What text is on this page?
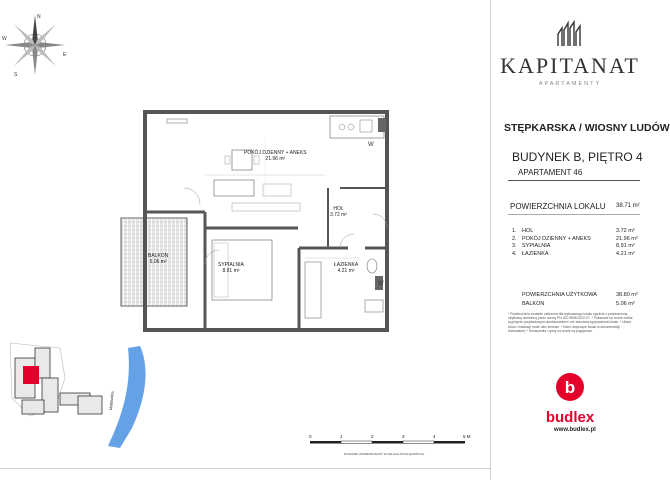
N
E
S
W
W
W
Motławska
POKÓJ DZIENNY + ANEKS
21.96 m²
HOL
3.72 m²
SYPIALNIA
8.91 m²
ŁAZIENKA
4.21 m²
BALKON
5.06 m²
0	1	2	3	4	5 M
RYSUNEK ZAMIESZCZONY W CELACH POGLĄDOWYCH
KAPITANAT
APARTAMENTY
STĘPKARSKA / WIOSNY LUDÓW
BUDYNEK B, PIĘTRO 4
APARTAMENT 46
POWIERZCHNIA LOKALU 38.71 m²
1. HOL	3.72 m²
2. POKÓJ DZIENNY + ANEKS	21.96 m²
3. SYPIALNIA	8.91 m²
4. ŁAZIENKA	4.21 m²
POWIERZCHNIA UŻYTKOWA	38.80 m²
BALKON	5.06 m²
* Powierzchnia zostanie obliczona dla wykonanego lokalu zgodnie z powierzchnią użytkową określoną przez normę PN-ISO 9836:2022-07. * Pokazane na rzucie meble są jedynie przykładowym umeblowaniem i nie stanowią wyposażenia lokalu. * Układ ścian i instalacji może ulec zmianie. * Dane dotyczące lokalu w dokumentacji budowlanej. * Oznaczenia i opisy na rzucie są poglądowe.
b
budlex
www.budlex.pl
